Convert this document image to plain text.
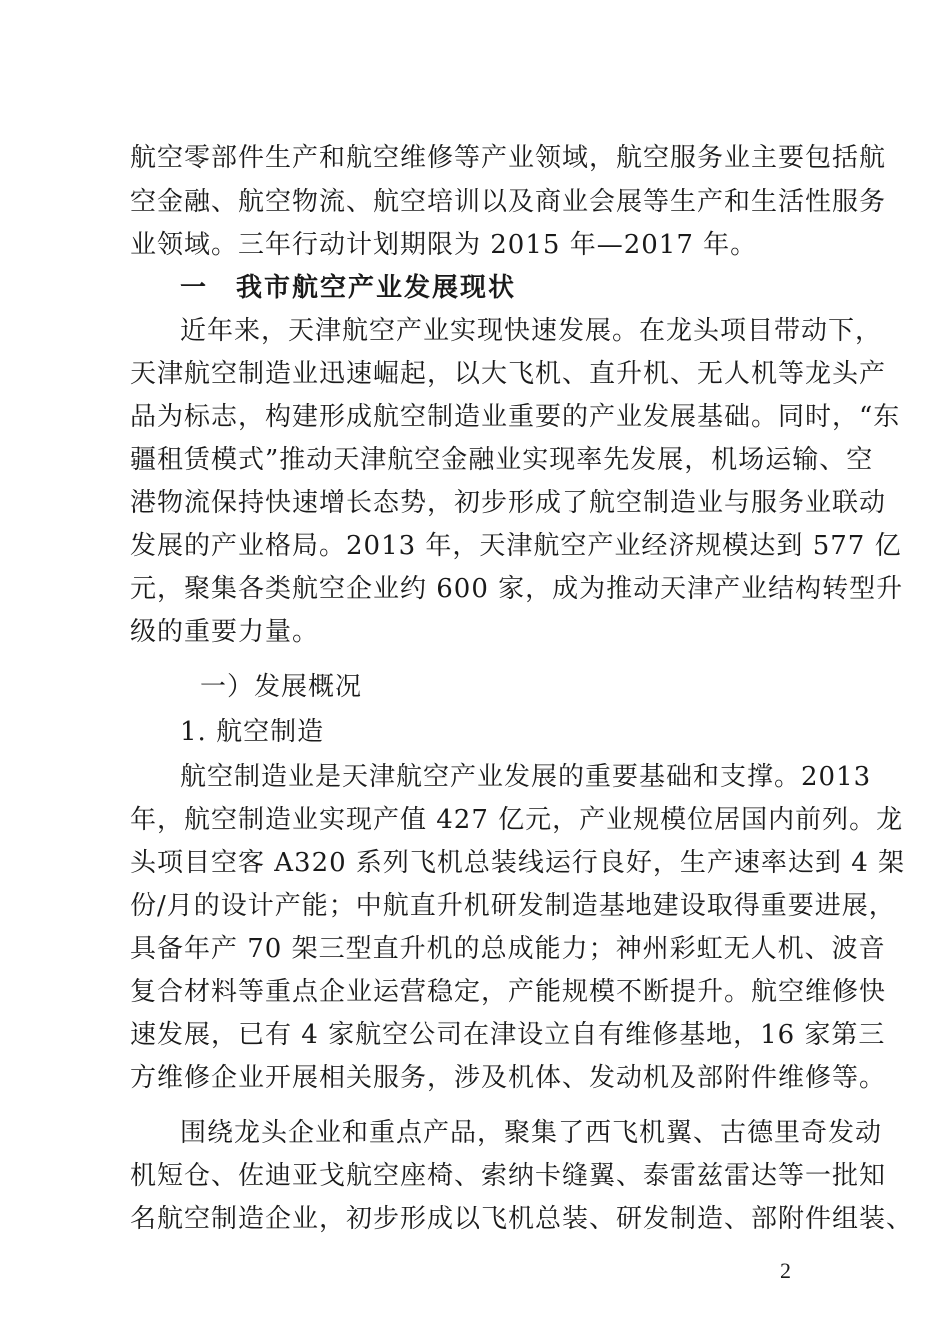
航空零部件生产和航空维修等产业领域，航空服务业主要包括航
空金融、航空物流、航空培训以及商业会展等生产和生活性服务
业领域。三年行动计划期限为 2015 年—2017 年。
一　我市航空产业发展现状
近年来，天津航空产业实现快速发展。在龙头项目带动下，
天津航空制造业迅速崛起，以大飞机、直升机、无人机等龙头产
品为标志，构建形成航空制造业重要的产业发展基础。同时，“东
疆租赁模式”推动天津航空金融业实现率先发展，机场运输、空
港物流保持快速增长态势，初步形成了航空制造业与服务业联动
发展的产业格局。2013 年，天津航空产业经济规模达到 577 亿
元，聚集各类航空企业约 600 家，成为推动天津产业结构转型升
级的重要力量。
一）发展概况
1. 航空制造
航空制造业是天津航空产业发展的重要基础和支撑。2013
年，航空制造业实现产值 427 亿元，产业规模位居国内前列。龙
头项目空客 A320 系列飞机总装线运行良好，生产速率达到 4 架
份/月的设计产能；中航直升机研发制造基地建设取得重要进展，
具备年产 70 架三型直升机的总成能力；神州彩虹无人机、波音
复合材料等重点企业运营稳定，产能规模不断提升。航空维修快
速发展，已有 4 家航空公司在津设立自有维修基地，16 家第三
方维修企业开展相关服务，涉及机体、发动机及部附件维修等。
围绕龙头企业和重点产品，聚集了西飞机翼、古德里奇发动
机短仓、佐迪亚戈航空座椅、索纳卡缝翼、泰雷兹雷达等一批知
名航空制造企业，初步形成以飞机总装、研发制造、部附件组装、
2
